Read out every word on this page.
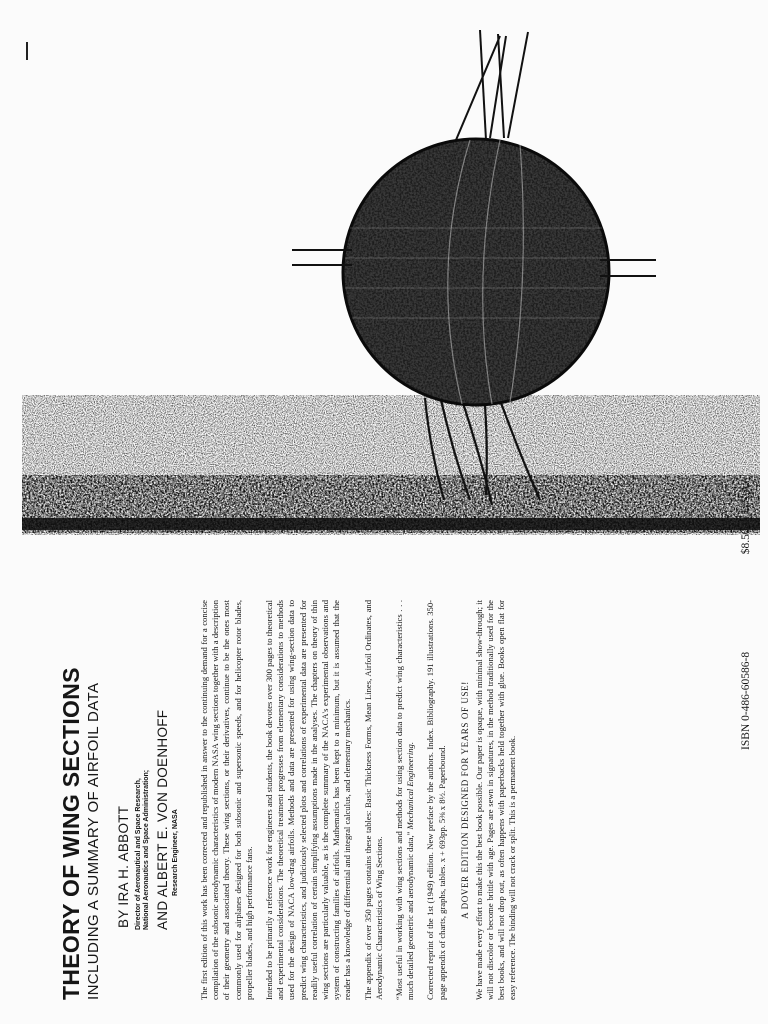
THEORY OF WING SECTIONS INCLUDING A SUMMARY OF AIRFOIL DATA BY IRA H. ABBOTT Director of Aeronautical and Space Research, National Aeronautics and Space Administration; AND ALBERT E. VON DOENHOFF Research Engineer, NASA The first edition of this work has been corrected and republished in answer to the continuing demand for a concise compilation of the subsonic aerodynamic characteristics of modern NASA wing sections together with a description of their geometry and associated theory. These wing sections, or their derivatives, continue to be the ones most commonly used for airplanes designed for both subsonic and supersonic speeds, and for helicopter rotor blades, propeller blades, and high performance fans. Intended to be primarily a reference work for engineers and students, the book devotes over 300 pages to theoretical and experimental considerations. The theoretical treatment progresses from elementary considerations to methods used for the design of NACA low-drag airfoils. Methods and data are presented for using wing-section data to predict wing characteristics, and judiciously selected plots and correlations of experimental data are presented for readily useful correlation of certain simplifying assumptions made in the analyses. The chapters on theory of thin wing sections are particularly valuable, as is the complete summary of the NACA's experimental observations and system of constructing families of airfoils. Mathematics has been kept to a minimum, but it is assumed that the reader has a knowledge of differential and integral calculus, and elementary mechanics. The appendix of over 350 pages contains these tables: Basic Thickness Forms, Mean Lines, Airfoil Ordinates, and Aerodynamic Characteristics of Wing Sections. “Most useful in working with wing sections and methods for using section data to predict wing characteristics . . . much detailed geometric and aerodynamic data,” Mechanical Engineering. Corrected reprint of the 1st (1949) edition. New preface by the authors. Index. Bibliography. 191 illustrations. 350-page appendix of charts, graphs, tables. x + 693pp. 5⅜ x 8½. Paperbound. A DOVER EDITION DESIGNED FOR YEARS OF USE! We have made every effort to make this the best book possible. Our paper is opaque, with minimal show-through; it will not discolor or become brittle with age. Pages are sewn in signatures, in the method traditionally used for the best books, and will not drop out, as often happens with paperbacks held together with glue. Books open flat for easy reference. The binding will not crack or split. This is a permanent book.

ISBN 0-486-60586-8
$8.50 in U.S.A.
